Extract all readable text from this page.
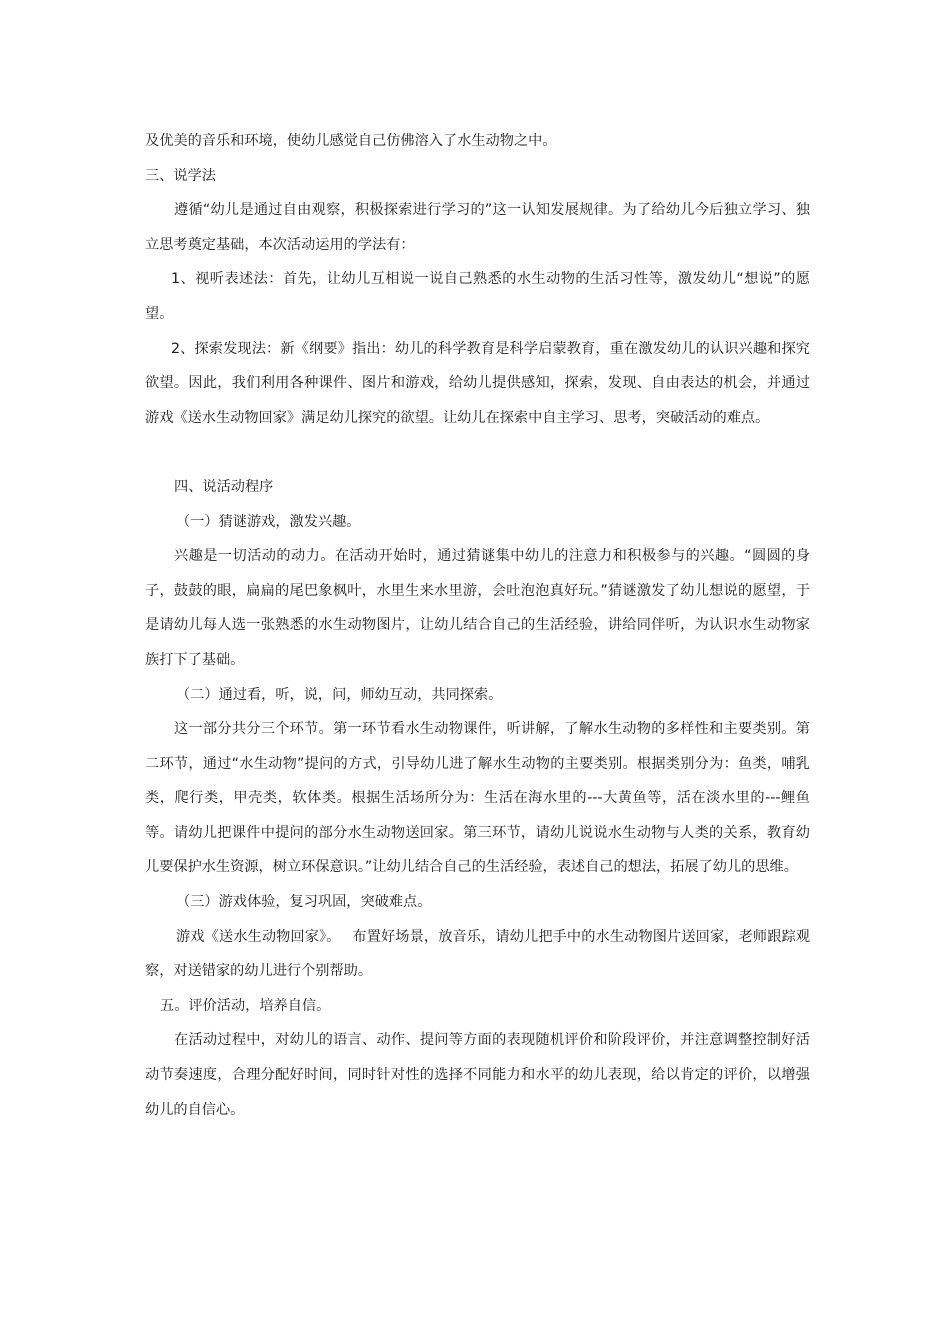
及优美的音乐和环境，使幼儿感觉自己仿佛溶入了水生动物之中。

三、说学法

遵循“幼儿是通过自由观察，积极探索进行学习的”这一认知发展规律。为了给幼儿今后独立学习、独立思考奠定基础，本次活动运用的学法有：

1、视听表述法：首先，让幼儿互相说一说自己熟悉的水生动物的生活习性等，激发幼儿“想说”的愿望。

2、探索发现法：新《纲要》指出：幼儿的科学教育是科学启蒙教育，重在激发幼儿的认识兴趣和探究欲望。因此，我们利用各种课件、图片和游戏，给幼儿提供感知，探索，发现、自由表达的机会，并通过游戏《送水生动物回家》满足幼儿探究的欲望。让幼儿在探索中自主学习、思考，突破活动的难点。

四、说活动程序

（一）猜谜游戏，激发兴趣。

兴趣是一切活动的动力。在活动开始时，通过猜谜集中幼儿的注意力和积极参与的兴趣。“圆圆的身子，鼓鼓的眼，扁扁的尾巴象枫叶，水里生来水里游，会吐泡泡真好玩。”猜谜激发了幼儿想说的愿望，于是请幼儿每人选一张熟悉的水生动物图片，让幼儿结合自己的生活经验，讲给同伴听，为认识水生动物家族打下了基础。

（二）通过看，听，说，问，师幼互动，共同探索。

这一部分共分三个环节。第一环节看水生动物课件，听讲解，了解水生动物的多样性和主要类别。第二环节，通过“水生动物”提问的方式，引导幼儿进了解水生动物的主要类别。根据类别分为：鱼类，哺乳类，爬行类，甲壳类，软体类。根据生活场所分为：生活在海水里的---大黄鱼等，活在淡水里的---鲤鱼等。请幼儿把课件中提问的部分水生动物送回家。第三环节，请幼儿说说水生动物与人类的关系，教育幼儿要保护水生资源，树立环保意识。”让幼儿结合自己的生活经验，表述自己的想法，拓展了幼儿的思维。

（三）游戏体验，复习巩固，突破难点。

游戏《送水生动物回家》。　 布置好场景，放音乐，请幼儿把手中的水生动物图片送回家，老师跟踪观察，对送错家的幼儿进行个别帮助。

五。评价活动，培养自信。

在活动过程中，对幼儿的语言、动作、提问等方面的表现随机评价和阶段评价，并注意调整控制好活动节奏速度，合理分配好时间，同时针对性的选择不同能力和水平的幼儿表现，给以肯定的评价，以增强幼儿的自信心。
